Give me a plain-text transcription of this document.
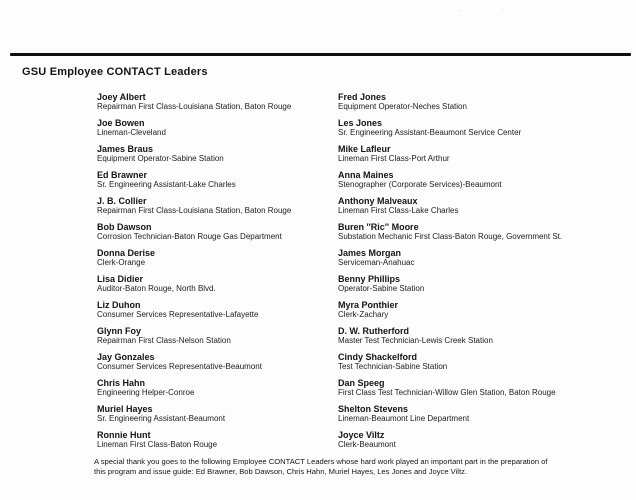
·	·
GSU Employee CONTACT Leaders
Joey Albert
Repairman First Class-Louisiana Station, Baton Rouge
Joe Bowen
Lineman-Cleveland
James Braus
Equipment Operator-Sabine Station
Ed Brawner
Sr. Engineering Assistant-Lake Charles
J. B. Collier
Repairman First Class-Louisiana Station, Baton Rouge
Bob Dawson
Corrosion Technician-Baton Rouge Gas Department
Donna Derise
Clerk-Orange
Lisa Didier
Auditor-Baton Rouge, North Blvd.
Liz Duhon
Consumer Services Representative-Lafayette
Glynn Foy
Repairman First Class-Nelson Station
Jay Gonzales
Consumer Services Representative-Beaumont
Chris Hahn
Engineering Helper-Conroe
Muriel Hayes
Sr. Engineering Assistant-Beaumont
Ronnie Hunt
Lineman First Class-Baton Rouge
Fred Jones
Equipment Operator-Neches Station
Les Jones
Sr. Engineering Assistant-Beaumont Service Center
Mike Lafleur
Lineman First Class-Port Arthur
Anna Maines
Stenographer (Corporate Services)-Beaumont
Anthony Malveaux
Lineman First Class-Lake Charles
Buren ''Ric'' Moore
Substation Mechanic First Class-Baton Rouge, Government St.
James Morgan
Serviceman-Anahuac
Benny Phillips
Operator-Sabine Station
Myra Ponthier
Clerk-Zachary
D. W. Rutherford
Master Test Technician-Lewis Creek Station
Cindy Shackelford
Test Technician-Sabine Station
Dan Speeg
First Class Test Technician-Willow Glen Station, Baton Rouge
Shelton Stevens
Lineman-Beaumont Line Department
Joyce Viltz
Clerk-Beaumont
A special thank you goes to the following Employee CONTACT Leaders whose hard work played an important part in the preparation of
this program and issue guide: Ed Brawner, Bob Dawson, Chris Hahn, Muriel Hayes, Les Jones and Joyce Viltz.
